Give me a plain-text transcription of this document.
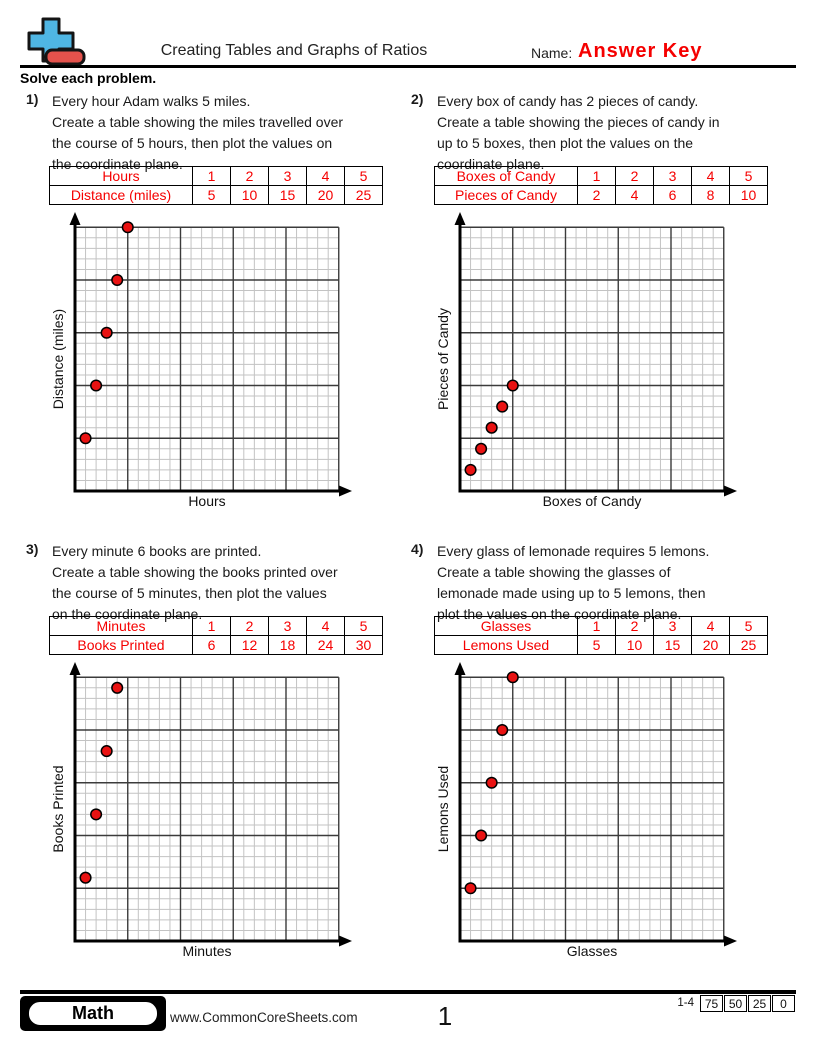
Creating Tables and Graphs of Ratios	Name: Answer Key
Solve each problem.
1) Every hour Adam walks 5 miles.
Create a table showing the miles travelled over
the course of 5 hours, then plot the values on
the coordinate plane.
Hours	1	2	3	4	5
Distance (miles)	5	10	15	20	25
Distance (miles)
Hours
2) Every box of candy has 2 pieces of candy.
Create a table showing the pieces of candy in
up to 5 boxes, then plot the values on the
coordinate plane.
Boxes of Candy	1	2	3	4	5
Pieces of Candy	2	4	6	8	10
Pieces of Candy
Boxes of Candy
3) Every minute 6 books are printed.
Create a table showing the books printed over
the course of 5 minutes, then plot the values
on the coordinate plane.
Minutes	1	2	3	4	5
Books Printed	6	12	18	24	30
Books Printed
Minutes
4) Every glass of lemonade requires 5 lemons.
Create a table showing the glasses of
lemonade made using up to 5 lemons, then
plot the values on the coordinate plane.
Glasses	1	2	3	4	5
Lemons Used	5	10	15	20	25
Lemons Used
Glasses
Math	www.CommonCoreSheets.com	1	1-4 75 50 25	0
